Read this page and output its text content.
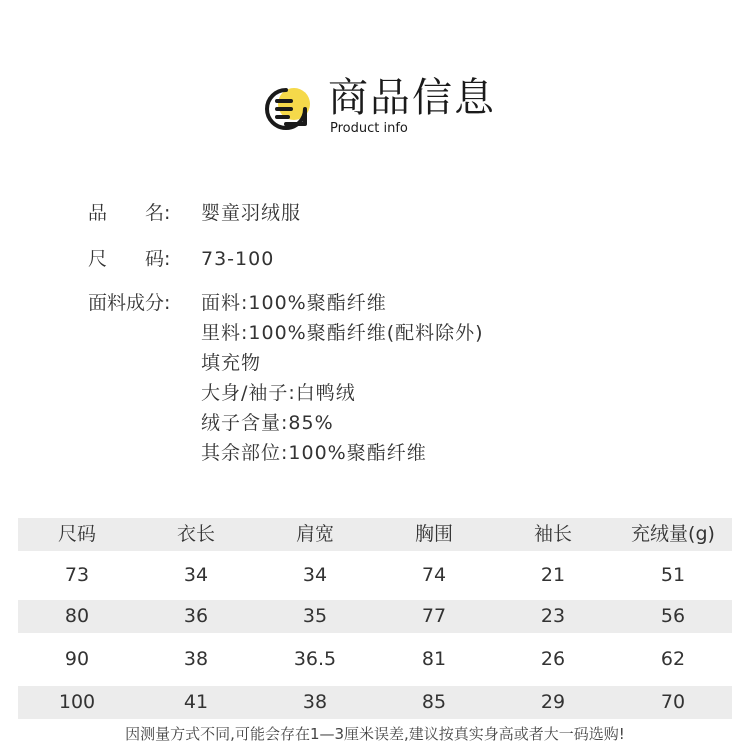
商品信息
Product info
品 名: 婴童羽绒服
尺 码: 73-100
面料成分: 面料:100%聚酯纤维
里料:100%聚酯纤维(配料除外)
填充物
大身/袖子:白鸭绒
绒子含量:85%
其余部位:100%聚酯纤维
尺码	衣长	肩宽	胸围	袖长	充绒量(g)
73	34	34	74	21	51
80	36	35	77	23	56
90	38	36.5	81	26	62
100	41	38	85	29	70
因测量方式不同,可能会存在1—3厘米误差,建议按真实身高或者大一码选购!
